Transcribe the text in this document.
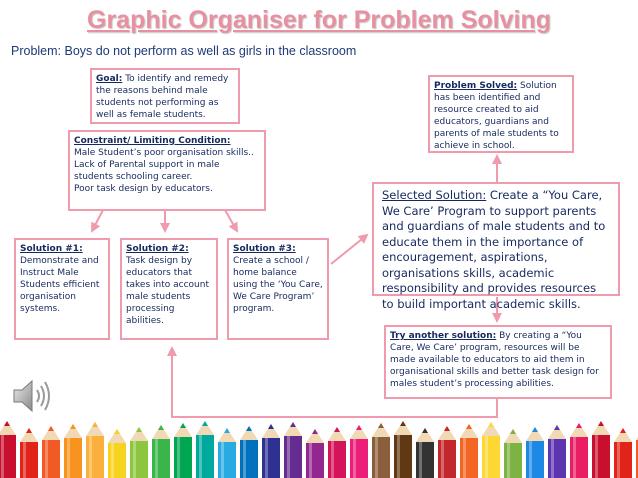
Graphic Organiser for Problem Solving
Problem: Boys do not perform as well as girls in the classroom
Goal: To identify and remedy the reasons behind male students not performing as well as female students.
Constraint/ Limiting Condition:
Male Student’s poor organisation skills..
Lack of Parental support in male students schooling career.
Poor task design by educators.
Solution #1:
Demonstrate and Instruct Male Students efficient organisation systems.
Solution #2:
Task design by educators that takes into account male students processing abilities.
Solution #3:
Create a school / home balance using the ‘You Care, We Care Program’ program.
Problem Solved: Solution has been identified and resource created to aid educators, guardians and parents of male students to achieve in school.
Selected Solution: Create a “You Care, We Care’ Program to support parents and guardians of male students and to educate them in the importance of encouragement, aspirations, organisations skills, academic responsibility and provides resources to build important academic skills.
Try another solution: By creating a “You Care, We Care’ program, resources will be made available to educators to aid them in organisational skills and better task design for males student’s processing abilities.
